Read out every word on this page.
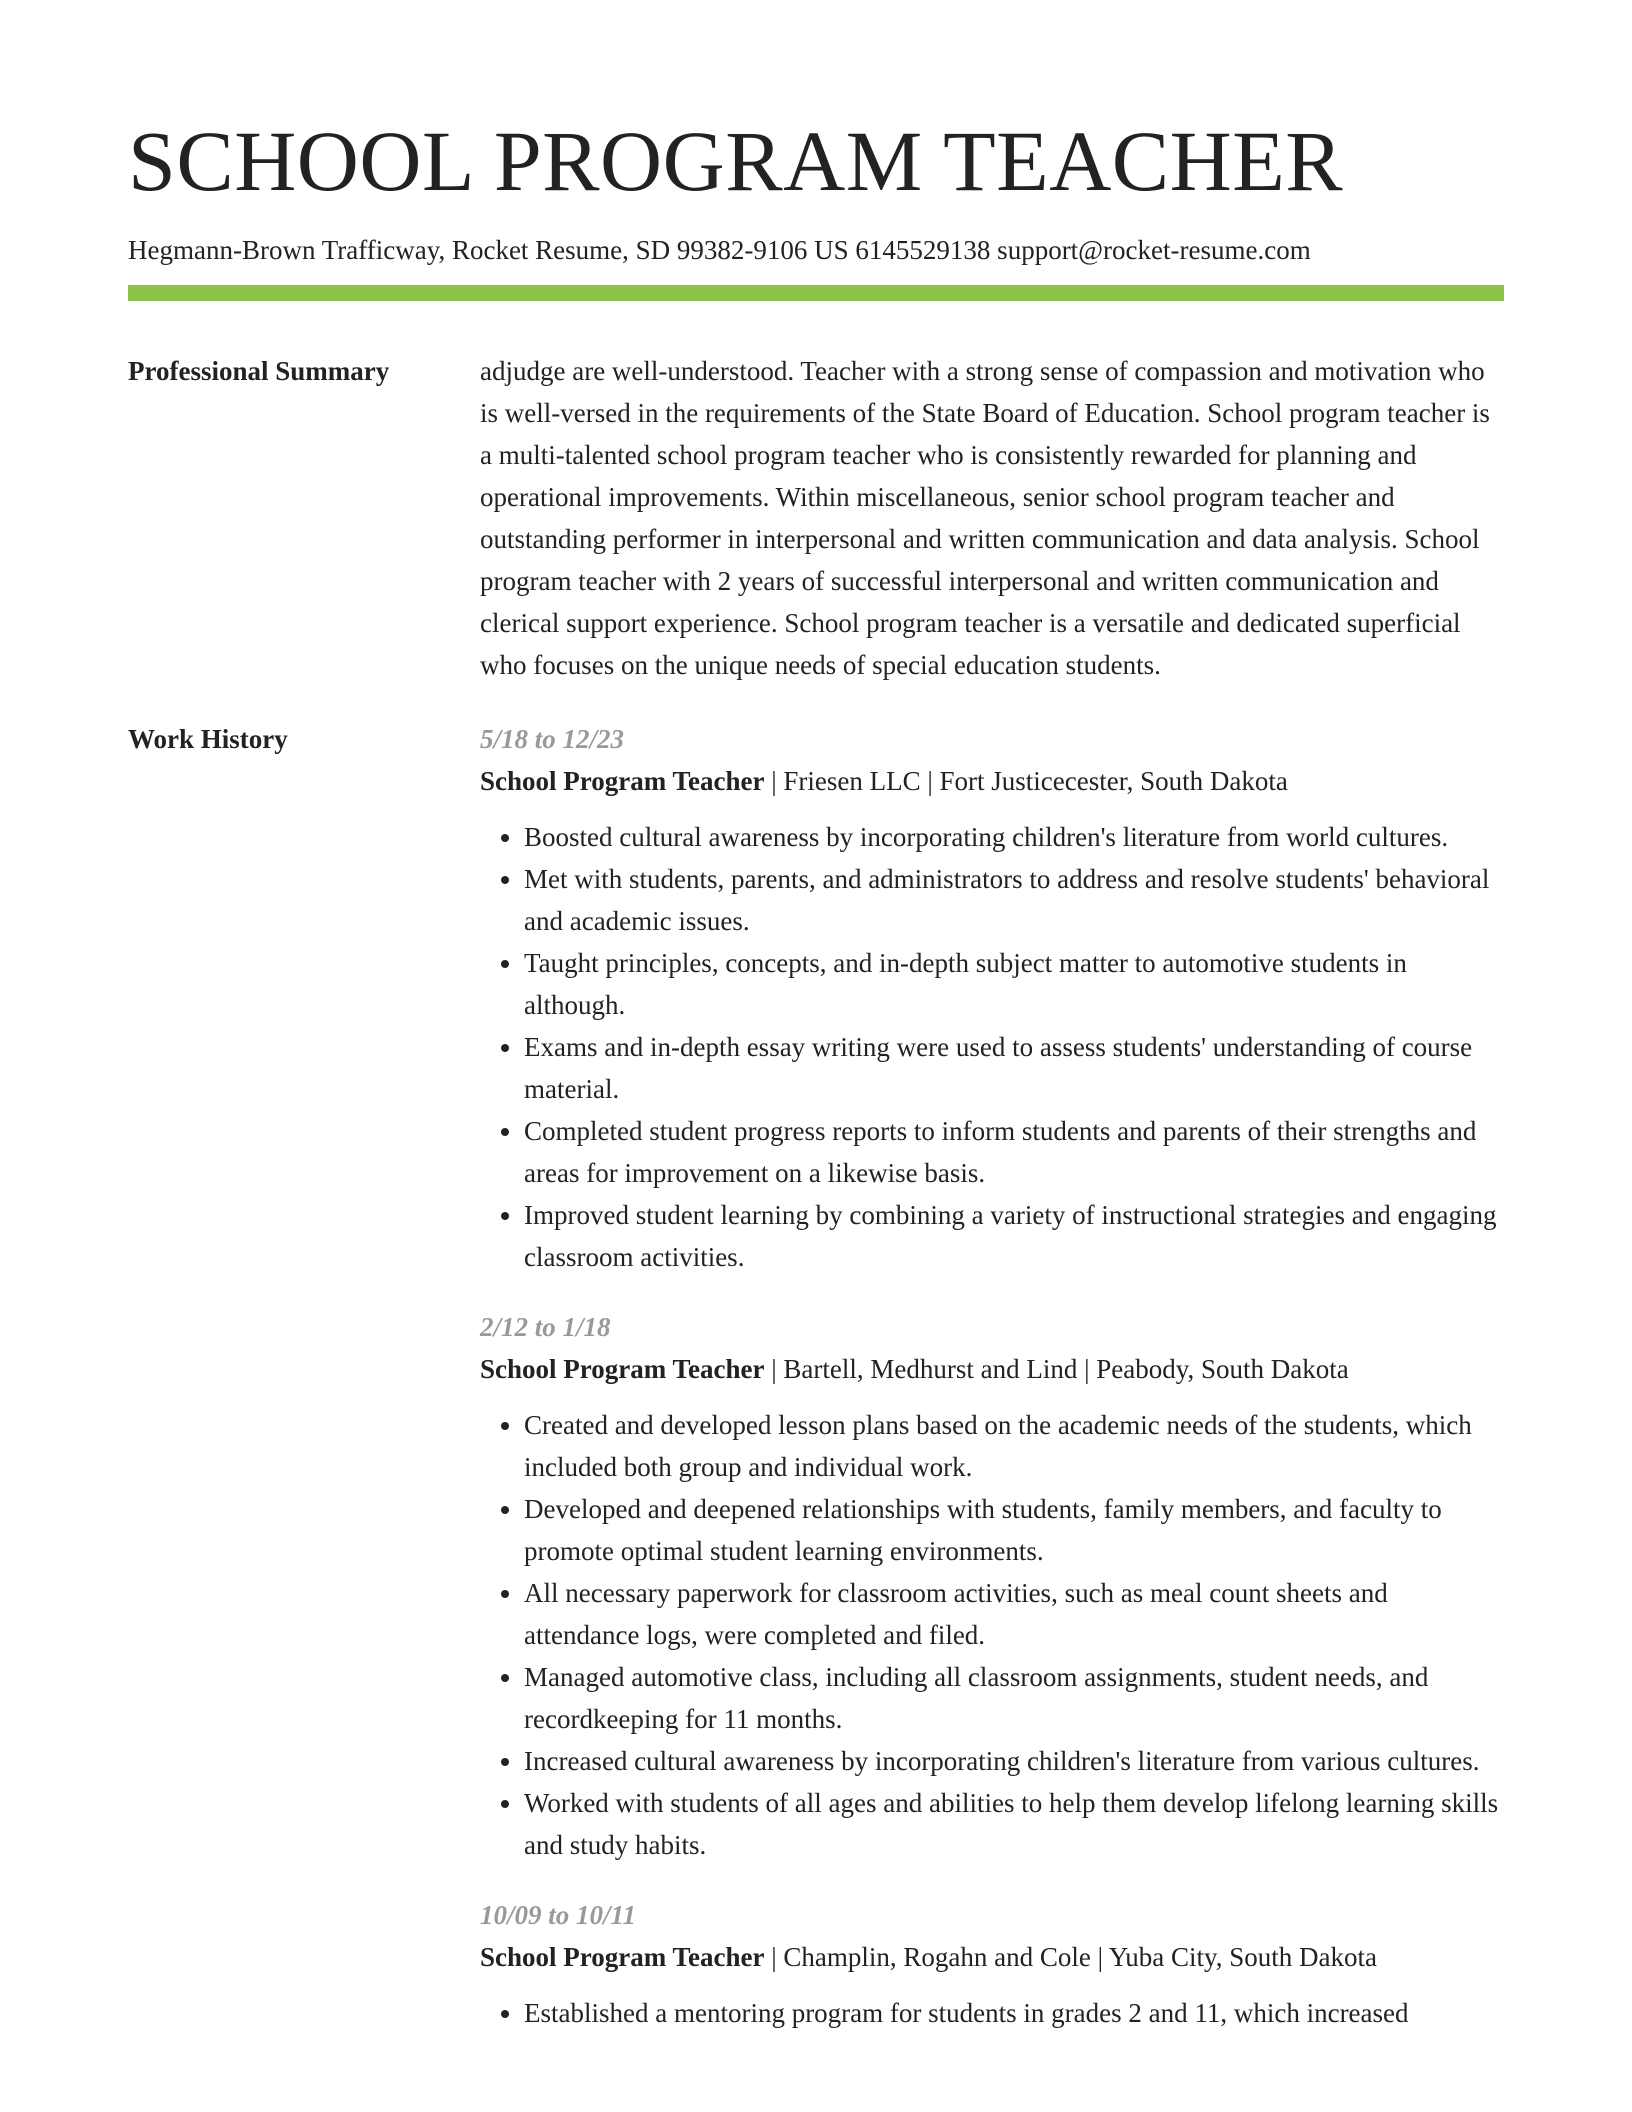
SCHOOL PROGRAM TEACHER
Hegmann-Brown Trafficway, Rocket Resume, SD 99382-9106 US 6145529138 support@rocket-resume.com
Professional Summary	adjudge are well-understood. Teacher with a strong sense of compassion and motivation who is well-versed in the requirements of the State Board of Education. School program teacher is a multi-talented school program teacher who is consistently rewarded for planning and operational improvements. Within miscellaneous, senior school program teacher and outstanding performer in interpersonal and written communication and data analysis. School program teacher with 2 years of successful interpersonal and written communication and clerical support experience. School program teacher is a versatile and dedicated superficial who focuses on the unique needs of special education students.

Work History	5/18 to 12/23
School Program Teacher | Friesen LLC | Fort Justicecester, South Dakota
• Boosted cultural awareness by incorporating children's literature from world cultures.
• Met with students, parents, and administrators to address and resolve students' behavioral and academic issues.
• Taught principles, concepts, and in-depth subject matter to automotive students in although.
• Exams and in-depth essay writing were used to assess students' understanding of course material.
• Completed student progress reports to inform students and parents of their strengths and areas for improvement on a likewise basis.
• Improved student learning by combining a variety of instructional strategies and engaging classroom activities.
2/12 to 1/18
School Program Teacher | Bartell, Medhurst and Lind | Peabody, South Dakota
• Created and developed lesson plans based on the academic needs of the students, which included both group and individual work.
• Developed and deepened relationships with students, family members, and faculty to promote optimal student learning environments.
• All necessary paperwork for classroom activities, such as meal count sheets and attendance logs, were completed and filed.
• Managed automotive class, including all classroom assignments, student needs, and recordkeeping for 11 months.
• Increased cultural awareness by incorporating children's literature from various cultures.
• Worked with students of all ages and abilities to help them develop lifelong learning skills and study habits.
10/09 to 10/11
School Program Teacher | Champlin, Rogahn and Cole | Yuba City, South Dakota
• Established a mentoring program for students in grades 2 and 11, which increased
